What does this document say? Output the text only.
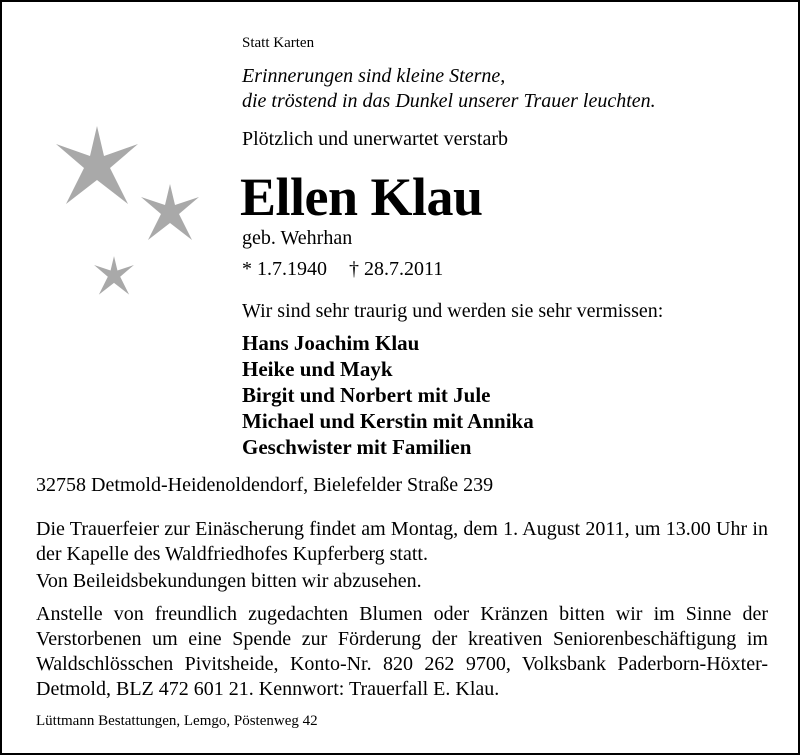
Statt Karten
Erinnerungen sind kleine Sterne,
die tröstend in das Dunkel unserer Trauer leuchten.
Plötzlich und unerwartet verstarb
Ellen Klau
geb. Wehrhan
* 1.7.1940 † 28.7.2011
Wir sind sehr traurig und werden sie sehr vermissen:
Hans Joachim Klau
Heike und Mayk
Birgit und Norbert mit Jule
Michael und Kerstin mit Annika
Geschwister mit Familien
32758 Detmold-Heidenoldendorf, Bielefelder Straße 239
Die Trauerfeier zur Einäscherung findet am Montag, dem 1. August 2011, um 13.00 Uhr in der Kapelle des Waldfriedhofes Kupferberg statt.
Von Beileidsbekundungen bitten wir abzusehen.
Anstelle von freundlich zugedachten Blumen oder Kränzen bitten wir im Sinne der Verstorbenen um eine Spende zur Förderung der kreativen Seniorenbeschäftigung im Waldschlösschen Pivitsheide, Konto-Nr. 820 262 9700, Volksbank Paderborn-Höxter-Detmold, BLZ 472 601 21. Kennwort: Trauerfall E. Klau.
Lüttmann Bestattungen, Lemgo, Pöstenweg 42
